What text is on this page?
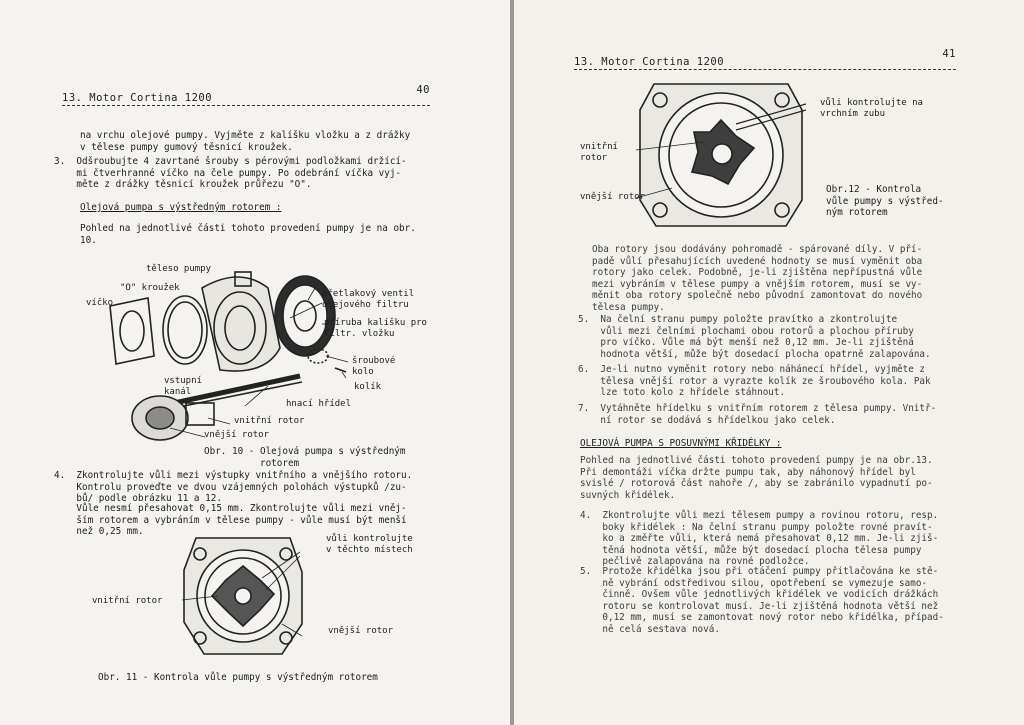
13. Motor Cortina 1200
40
na vrchu olejové pumpy. Vyjměte z kalíšku vložku a z drážky
v tělese pumpy gumový těsnicí kroužek.
3.  Odšroubujte 4 zavrtané šrouby s pérovými podložkami držící-
mi čtverhranné víčko na čele pumpy. Po odebrání víčka vyj-
měte z drážky těsnicí kroužek průřezu "O".
Olejová pumpa s výstředným rotorem :
Pohled na jednotlivé části tohoto provedení pumpy je na obr.
10.
těleso pumpy
"O" kroužek
víčko
přetlakový ventil
olejového filtru
příruba kalíšku pro
filtr. vložku
šroubové
kolo
kolík
vstupní
kanál
hnací hřídel
vnitřní rotor
vnější rotor
Obr. 10 - Olejová pumpa s výstředným
rotorem
4.  Zkontrolujte vůli mezi výstupky vnitřního a vnějšího rotoru.
Kontrolu proveďte ve dvou vzájemných polohách výstupků /zu-
bů/ podle obrázku 11 a 12.
Vůle nesmí přesahovat 0,15 mm. Zkontrolujte vůli mezi vněj-
ším rotorem a vybráním v tělese pumpy - vůle musí být menší
než 0,25 mm.
vůli kontrolujte
v těchto místech
vnitřní rotor
vnější rotor
Obr. 11 - Kontrola vůle pumpy s výstředným rotorem
13. Motor Cortina 1200
41
vůli kontrolujte na
vrchním zubu
vnitřní
rotor
vnější rotor
Obr.12 - Kontrola
vůle pumpy s výstřed-
ným rotorem
Oba rotory jsou dodávány pohromadě - spárované díly. V pří-
padě vůlí přesahujících uvedené hodnoty se musí vyměnit oba
rotory jako celek. Podobně, je-li zjištěna nepřípustná vůle
mezi vybráním v tělese pumpy a vnějším rotorem, musí se vy-
měnit oba rotory společně nebo původní zamontovat do nového
tělesa pumpy.
5.  Na čelní stranu pumpy položte pravítko a zkontrolujte
vůli mezi čelními plochami obou rotorů a plochou příruby
pro víčko. Vůle má být menší než 0,12 mm. Je-li zjištěná
hodnota větší, může být dosedací plocha opatrně zalapována.
6.  Je-li nutno vyměnit rotory nebo náhánecí hřídel, vyjměte z
tělesa vnější rotor a vyrazte kolík ze šroubového kola. Pak
lze toto kolo z hřídele stáhnout.
7.  Vytáhněte hřídelku s vnitřním rotorem z tělesa pumpy. Vnitř-
ní rotor se dodává s hřídelkou jako celek.
OLEJOVÁ PUMPA S POSUVNÝMI KŘIDÉLKY :
Pohled na jednotlivé části tohoto provedení pumpy je na obr.13.
Při demontáži víčka držte pumpu tak, aby náhonový hřídel byl
svislé / rotorová část nahoře /, aby se zabránilo vypadnutí po-
suvných křidélek.
4.  Zkontrolujte vůli mezi tělesem pumpy a rovinou rotoru, resp.
boky křidélek : Na čelní stranu pumpy položte rovné pravít-
ko a změřte vůli, která nemá přesahovat 0,12 mm. Je-li zjiš-
těná hodnota větší, může být dosedací plocha tělesa pumpy
pečlivě zalapována na rovné podložce.
5.  Protože křidélka jsou při otáčení pumpy přitlačována ke stě-
ně vybrání odstředivou silou, opotřebení se vymezuje samo-
činně. Ovšem vůle jednotlivých křidélek ve vodicích drážkách
rotoru se kontrolovat musí. Je-li zjištěná hodnota větší než
0,12 mm, musí se zamontovat nový rotor nebo křidélka, případ-
ně celá sestava nová.
